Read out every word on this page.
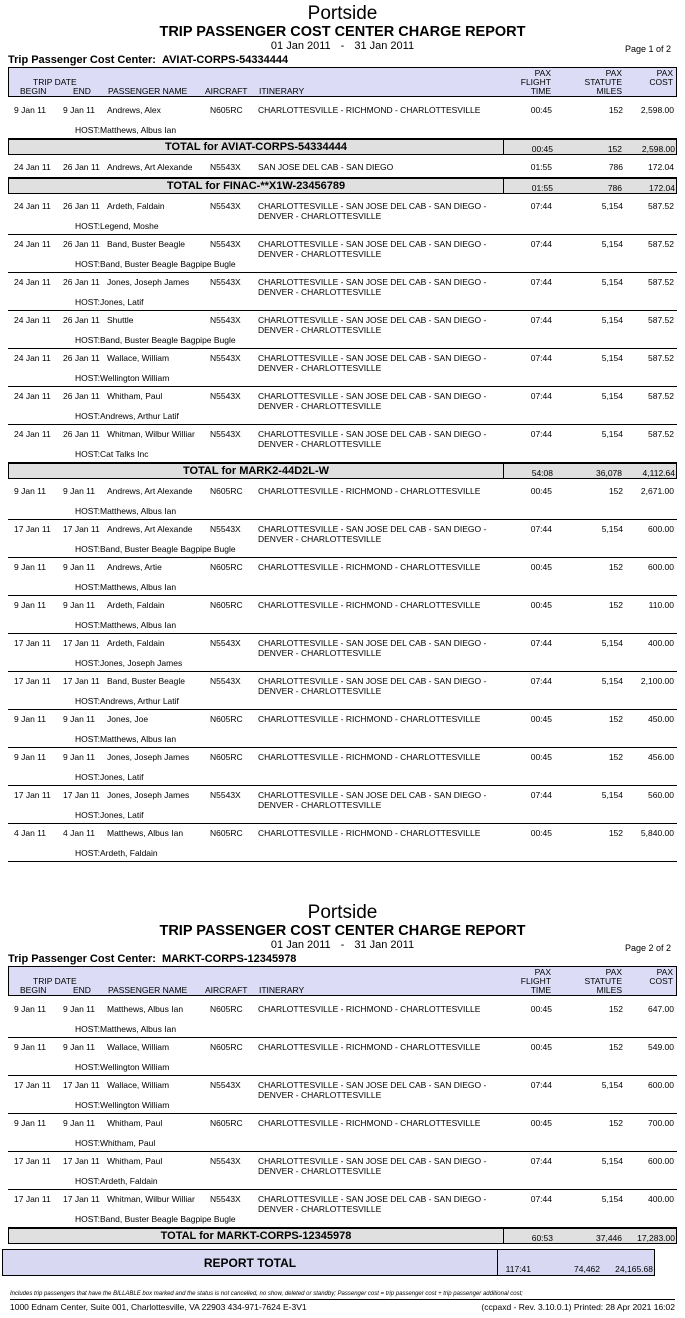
Portside
TRIP PASSENGER COST CENTER CHARGE REPORT
01 Jan 2011 - 31 Jan 2011	Page 1 of 2
Trip Passenger Cost Center: AVIAT-CORPS-54334444
TRIP DATE
BEGIN	END PASSENGER NAME AIRCRAFT ITINERARY
PAX
FLIGHT
TIME
PAX
STATUTE
MILES
PAX
COST
9 Jan 11 9 Jan 11 Andrews, Alex	N605RC CHARLOTTESVILLE - RICHMOND - CHARLOTTESVILLE	00:45	152	2,598.00
HOST: Matthews, Albus Ian
TOTAL for AVIAT-CORPS-54334444	00:45	152 2,598.00
24 Jan 11 26 Jan 11 Andrews, Art Alexande N5543X SAN JOSE DEL CAB - SAN DIEGO	01:55	786	172.04
TOTAL for FINAC-**X1W-23456789	01:55	786	172.04
24 Jan 11 26 Jan 11 Ardeth, Faldain	N5543X CHARLOTTESVILLE - SAN JOSE DEL CAB - SAN DIEGO - DENVER - CHARLOTTESVILLE
07:44	5,154	587.52
HOST: Legend, Moshe
24 Jan 11 26 Jan 11 Band, Buster Beagle	N5543X CHARLOTTESVILLE - SAN JOSE DEL CAB - SAN DIEGO - DENVER - CHARLOTTESVILLE
07:44	5,154	587.52
HOST: Band, Buster Beagle Bagpipe Bugle
24 Jan 11 26 Jan 11 Jones, Joseph James N5543X CHARLOTTESVILLE - SAN JOSE DEL CAB - SAN DIEGO - DENVER - CHARLOTTESVILLE
07:44	5,154	587.52
HOST: Jones, Latif
24 Jan 11 26 Jan 11 Shuttle	N5543X CHARLOTTESVILLE - SAN JOSE DEL CAB - SAN DIEGO - DENVER - CHARLOTTESVILLE
07:44	5,154	587.52
HOST: Band, Buster Beagle Bagpipe Bugle
24 Jan 11 26 Jan 11 Wallace, William	N5543X CHARLOTTESVILLE - SAN JOSE DEL CAB - SAN DIEGO - DENVER - CHARLOTTESVILLE
07:44	5,154	587.52
HOST: Wellington William
24 Jan 11 26 Jan 11 Whitham, Paul	N5543X CHARLOTTESVILLE - SAN JOSE DEL CAB - SAN DIEGO - DENVER - CHARLOTTESVILLE
07:44	5,154	587.52
HOST: Andrews, Arthur Latif
24 Jan 11 26 Jan 11 Whitman, Wilbur Williar N5543X CHARLOTTESVILLE - SAN JOSE DEL CAB - SAN DIEGO - DENVER - CHARLOTTESVILLE
07:44	5,154	587.52
HOST: Cat Talks Inc
TOTAL for MARK2-44D2L-W	54:08	36,078 4,112.64
9 Jan 11 9 Jan 11 Andrews, Art Alexande N605RC CHARLOTTESVILLE - RICHMOND - CHARLOTTESVILLE	00:45	152	2,671.00
HOST: Matthews, Albus Ian
17 Jan 11 17 Jan 11 Andrews, Art Alexande N5543X CHARLOTTESVILLE - SAN JOSE DEL CAB - SAN DIEGO - DENVER - CHARLOTTESVILLE
07:44	5,154	600.00
HOST: Band, Buster Beagle Bagpipe Bugle
9 Jan 11 9 Jan 11 Andrews, Artie	N605RC CHARLOTTESVILLE - RICHMOND - CHARLOTTESVILLE	00:45	152	600.00
HOST: Matthews, Albus Ian
9 Jan 11 9 Jan 11 Ardeth, Faldain	N605RC CHARLOTTESVILLE - RICHMOND - CHARLOTTESVILLE	00:45	152	110.00
HOST: Matthews, Albus Ian
17 Jan 11 17 Jan 11 Ardeth, Faldain	N5543X CHARLOTTESVILLE - SAN JOSE DEL CAB - SAN DIEGO - DENVER - CHARLOTTESVILLE
07:44	5,154	400.00
HOST: Jones, Joseph James
17 Jan 11 17 Jan 11 Band, Buster Beagle	N5543X CHARLOTTESVILLE - SAN JOSE DEL CAB - SAN DIEGO - DENVER - CHARLOTTESVILLE
07:44	5,154	2,100.00
HOST: Andrews, Arthur Latif
9 Jan 11 9 Jan 11 Jones, Joe	N605RC CHARLOTTESVILLE - RICHMOND - CHARLOTTESVILLE	00:45	152	450.00
HOST: Matthews, Albus Ian
9 Jan 11 9 Jan 11 Jones, Joseph James N605RC CHARLOTTESVILLE - RICHMOND - CHARLOTTESVILLE	00:45	152	456.00
HOST: Jones, Latif
17 Jan 11 17 Jan 11 Jones, Joseph James N5543X CHARLOTTESVILLE - SAN JOSE DEL CAB - SAN DIEGO - DENVER - CHARLOTTESVILLE
07:44	5,154	560.00
HOST: Jones, Latif
4 Jan 11 4 Jan 11 Matthews, Albus Ian	N605RC CHARLOTTESVILLE - RICHMOND - CHARLOTTESVILLE	00:45	152	5,840.00
HOST: Ardeth, Faldain
Portside
TRIP PASSENGER COST CENTER CHARGE REPORT
01 Jan 2011 - 31 Jan 2011	Page 2 of 2
Trip Passenger Cost Center: MARKT-CORPS-12345978
TRIP DATE
BEGIN	END PASSENGER NAME AIRCRAFT ITINERARY
PAX
FLIGHT
TIME
PAX
STATUTE
MILES
PAX
COST
9 Jan 11 9 Jan 11 Matthews, Albus Ian	N605RC CHARLOTTESVILLE - RICHMOND - CHARLOTTESVILLE	00:45	152	647.00
HOST: Matthews, Albus Ian
9 Jan 11 9 Jan 11 Wallace, William	N605RC CHARLOTTESVILLE - RICHMOND - CHARLOTTESVILLE	00:45	152	549.00
HOST: Wellington William
17 Jan 11 17 Jan 11 Wallace, William	N5543X CHARLOTTESVILLE - SAN JOSE DEL CAB - SAN DIEGO - DENVER - CHARLOTTESVILLE
07:44	5,154	600.00
HOST: Wellington William
9 Jan 11 9 Jan 11 Whitham, Paul	N605RC CHARLOTTESVILLE - RICHMOND - CHARLOTTESVILLE	00:45	152	700.00
HOST: Whitham, Paul
17 Jan 11 17 Jan 11 Whitham, Paul	N5543X CHARLOTTESVILLE - SAN JOSE DEL CAB - SAN DIEGO - DENVER - CHARLOTTESVILLE
07:44	5,154	600.00
HOST: Ardeth, Faldain
17 Jan 11 17 Jan 11 Whitman, Wilbur Williar N5543X CHARLOTTESVILLE - SAN JOSE DEL CAB - SAN DIEGO - DENVER - CHARLOTTESVILLE
07:44	5,154	400.00
HOST: Band, Buster Beagle Bagpipe Bugle
TOTAL for MARKT-CORPS-12345978	60:53	37,446 17,283.00
REPORT TOTAL	117:41	74,462 24,165.68
Includes trip passengers that have the BILLABLE box marked and the status is not cancelled, no show, deleted or standby; Passenger cost = trip passenger cost + trip passenger additional cost;
1000 Ednam Center, Suite 001, Charlottesville, VA 22903 434-971-7624 E-3V1	(ccpaxd - Rev. 3.10.0.1) Printed: 28 Apr 2021 16:02
